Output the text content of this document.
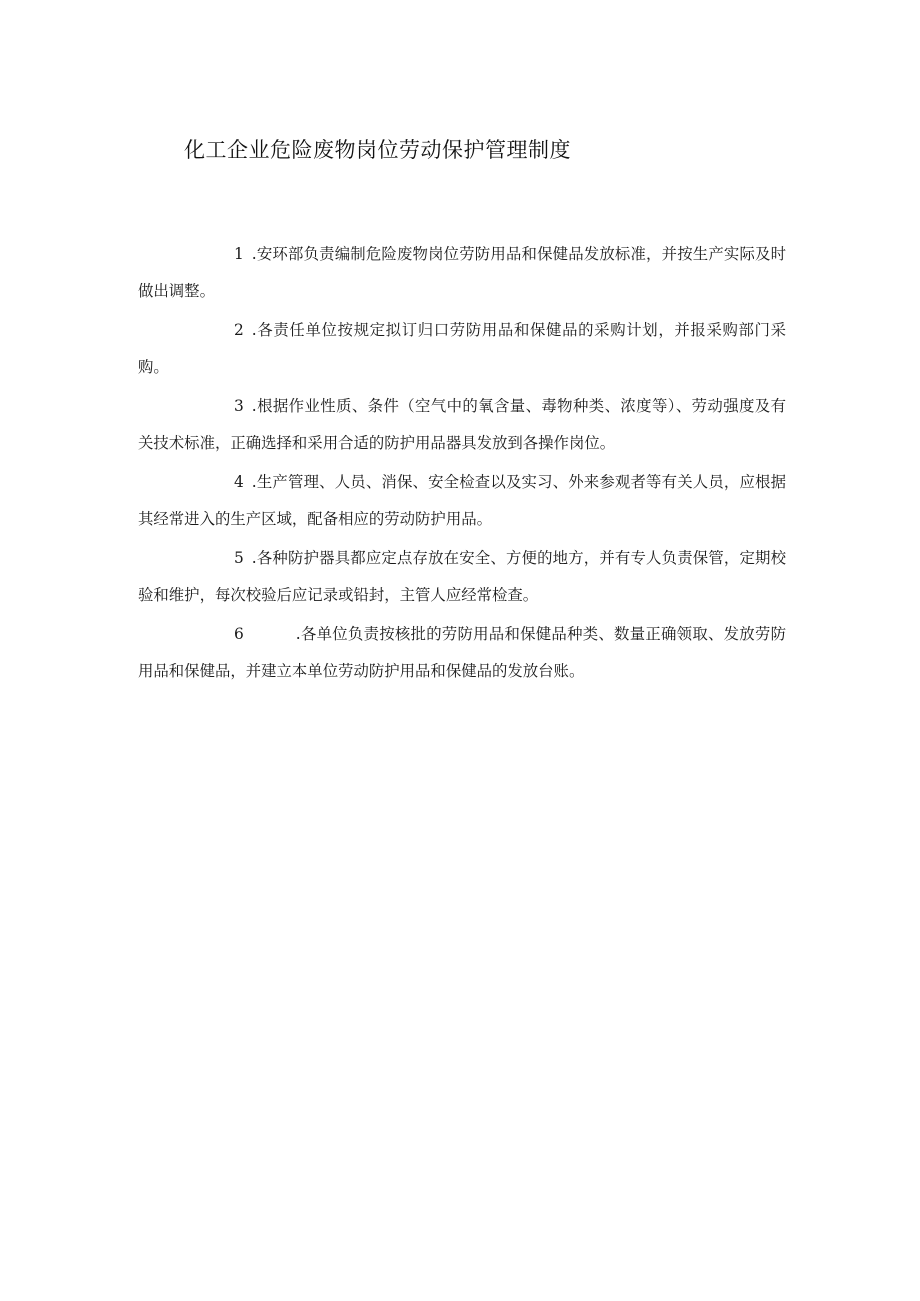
化工企业危险废物岗位劳动保护管理制度

1 .安环部负责编制危险废物岗位劳防用品和保健品发放标准，并按生产实际及时做出调整。

2 .各责任单位按规定拟订归口劳防用品和保健品的采购计划，并报采购部门采购。

3 .根据作业性质、条件（空气中的氧含量、毒物种类、浓度等）、劳动强度及有关技术标准，正确选择和采用合适的防护用品器具发放到各操作岗位。

4 .生产管理、人员、消保、安全检查以及实习、外来参观者等有关人员，应根据其经常进入的生产区域，配备相应的劳动防护用品。

5 .各种防护器具都应定点存放在安全、方便的地方，并有专人负责保管，定期校验和维护，每次校验后应记录或铅封，主管人应经常检查。

6	.各单位负责按核批的劳防用品和保健品种类、数量正确领取、发放劳防用品和保健品，并建立本单位劳动防护用品和保健品的发放台账。
